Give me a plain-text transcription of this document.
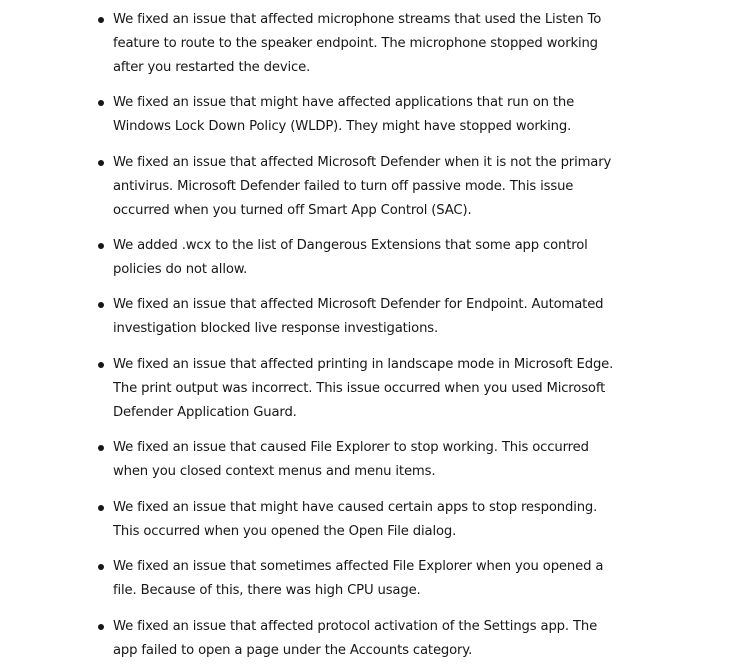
We fixed an issue that affected microphone streams that used the Listen To feature to route to the speaker endpoint. The microphone stopped working after you restarted the device.
We fixed an issue that might have affected applications that run on the Windows Lock Down Policy (WLDP). They might have stopped working.
We fixed an issue that affected Microsoft Defender when it is not the primary antivirus. Microsoft Defender failed to turn off passive mode. This issue occurred when you turned off Smart App Control (SAC).
We added .wcx to the list of Dangerous Extensions that some app control policies do not allow.
We fixed an issue that affected Microsoft Defender for Endpoint. Automated investigation blocked live response investigations.
We fixed an issue that affected printing in landscape mode in Microsoft Edge. The print output was incorrect. This issue occurred when you used Microsoft Defender Application Guard.
We fixed an issue that caused File Explorer to stop working. This occurred when you closed context menus and menu items.
We fixed an issue that might have caused certain apps to stop responding. This occurred when you opened the Open File dialog.
We fixed an issue that sometimes affected File Explorer when you opened a file. Because of this, there was high CPU usage.
We fixed an issue that affected protocol activation of the Settings app. The app failed to open a page under the Accounts category.
